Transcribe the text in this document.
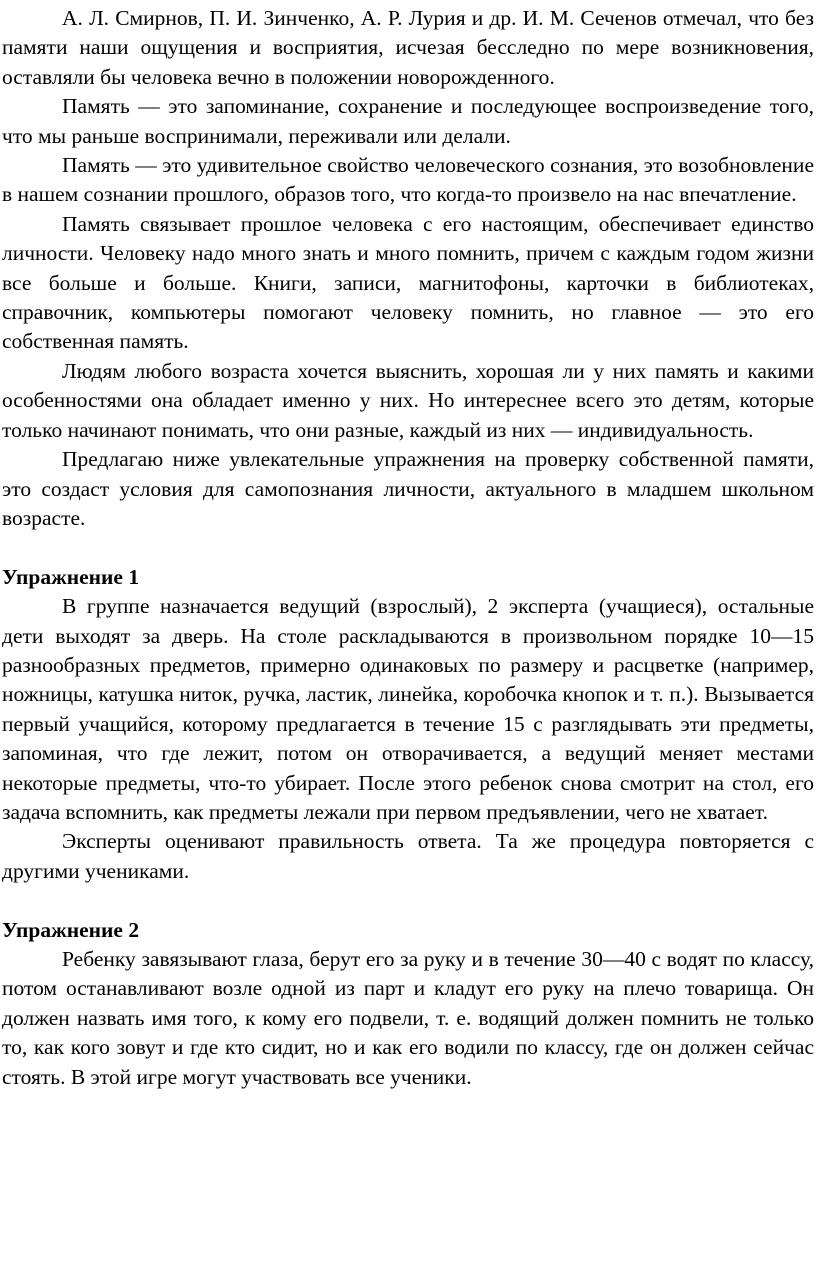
А. Л. Смирнов, П. И. Зинченко, А. Р. Лурия и др. И. М. Сеченов отмечал, что без памяти наши ощущения и восприятия, исчезая бесследно по мере возникновения, оставляли бы человека вечно в положении новорожденного.

Память — это запоминание, сохранение и последующее воспроизведение того, что мы раньше воспринимали, переживали или делали.

Память — это удивительное свойство человеческого сознания, это возобновление в нашем сознании прошлого, образов того, что когда-то произвело на нас впечатление.

Память связывает прошлое человека с его настоящим, обеспечивает единство личности. Человеку надо много знать и много помнить, причем с каждым годом жизни все больше и больше. Книги, записи, магнитофоны, карточки в библиотеках, справочник, компьютеры помогают человеку помнить, но главное — это его собственная память.

Людям любого возраста хочется выяснить, хорошая ли у них память и какими особенностями она обладает именно у них. Но интереснее всего это детям, которые только начинают понимать, что они разные, каждый из них — индивидуальность.

Предлагаю ниже увлекательные упражнения на проверку собственной памяти, это создаст условия для самопознания личности, актуального в младшем школьном возрасте.

Упражнение 1

В группе назначается ведущий (взрослый), 2 эксперта (учащиеся), остальные дети выходят за дверь. На столе раскладываются в произвольном порядке 10—15 разнообразных предметов, примерно одинаковых по размеру и расцветке (например, ножницы, катушка ниток, ручка, ластик, линейка, коробочка кнопок и т. п.). Вызывается первый учащийся, которому предлагается в течение 15 с разглядывать эти предметы, запоминая, что где лежит, потом он отворачивается, а ведущий меняет местами некоторые предметы, что-то убирает. После этого ребенок снова смотрит на стол, его задача вспомнить, как предметы лежали при первом предъявлении, чего не хватает.

Эксперты оценивают правильность ответа. Та же процедура повторяется с другими учениками.

Упражнение 2

Ребенку завязывают глаза, берут его за руку и в течение 30—40 с водят по классу, потом останавливают возле одной из парт и кладут его руку на плечо товарища. Он должен назвать имя того, к кому его подвели, т. е. водящий должен помнить не только то, как кого зовут и где кто сидит, но и как его водили по классу, где он должен сейчас стоять. В этой игре могут участвовать все ученики.
